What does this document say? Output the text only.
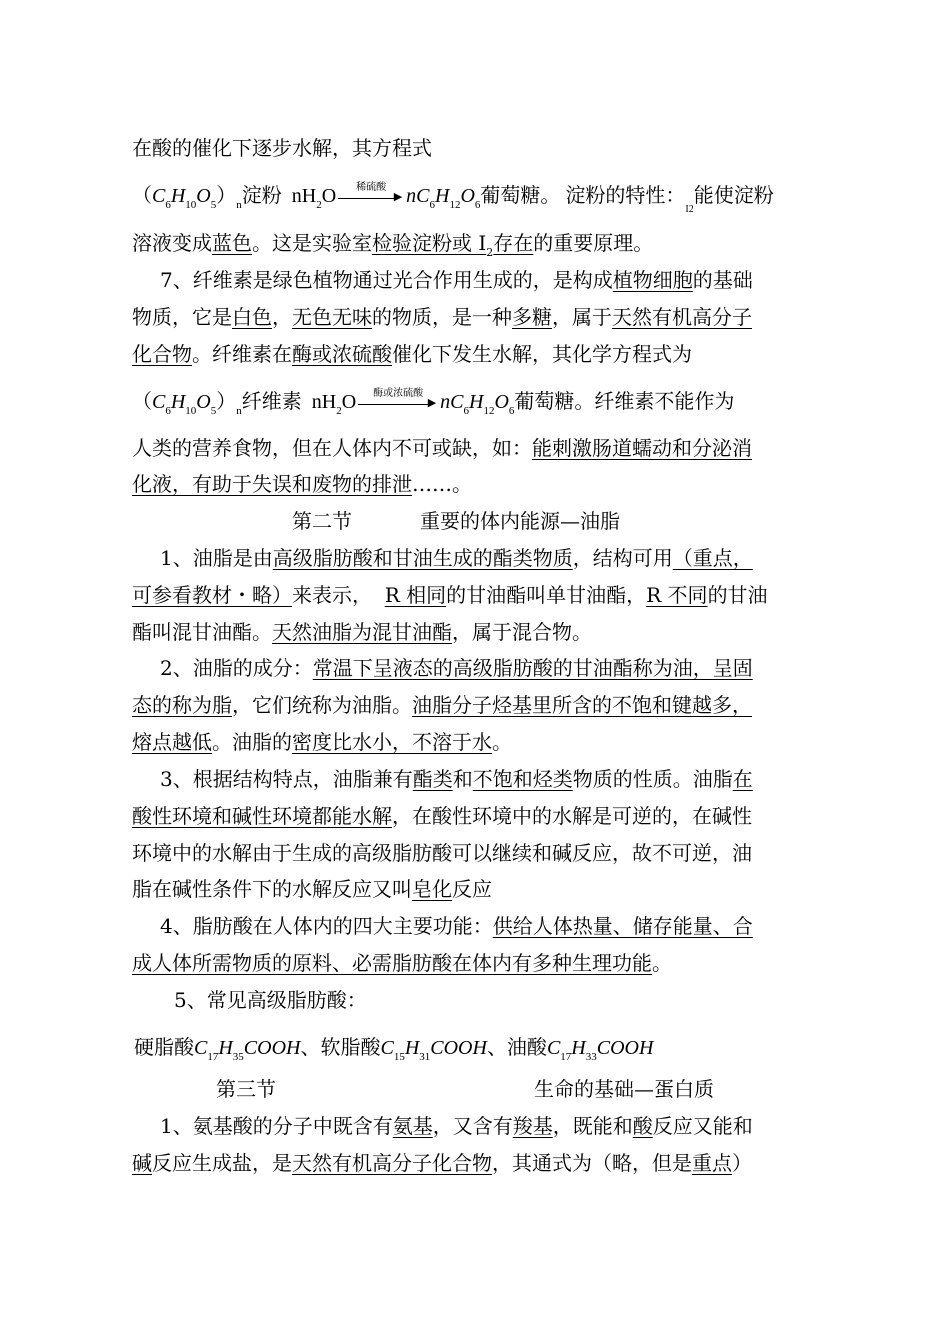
在酸的催化下逐步水解，其方程式
$(C_6H_{10}O_5)_n$淀粉 $nH_2O$	稀硫酸
▶ $nC_6H_{12}O_6$葡萄糖。 淀粉的特性：$_{I2}$能使淀粉
溶液变成蓝色。这是实验室检验淀粉或 $I_2$存在的重要原理。
7、纤维素是绿色植物通过光合作用生成的，是构成植物细胞的基础
物质，它是白色，无色无味的物质，是一种多糖，属于天然有机高分子
化合物。纤维素在酶或浓硫酸催化下发生水解，其化学方程式为
$(C_6H_{10}O_5)_n$纤维素 $nH_2O$	酶或浓硫酸
▶ $nC_6H_{12}O_6$葡萄糖。纤维素不能作为
人类的营养食物，但在人体内不可或缺，如：能刺激肠道蠕动和分泌消
化液，有助于失误和废物的排泄……。
第二节	重要的体内能源—油脂
1、油脂是由高级脂肪酸和甘油生成的酯类物质，结构可用（重点，
可参看教材・略）来表示， R 相同的甘油酯叫单甘油酯，R 不同的甘油
酯叫混甘油酯。天然油脂为混甘油酯，属于混合物。
2、油脂的成分：常温下呈液态的高级脂肪酸的甘油酯称为油，呈固
态的称为脂，它们统称为油脂。油脂分子烃基里所含的不饱和键越多，
熔点越低。油脂的密度比水小，不溶于水。
3、根据结构特点，油脂兼有酯类和不饱和烃类物质的性质。油脂在
酸性环境和碱性环境都能水解，在酸性环境中的水解是可逆的，在碱性
环境中的水解由于生成的高级脂肪酸可以继续和碱反应，故不可逆，油
脂在碱性条件下的水解反应又叫皂化反应
4、脂肪酸在人体内的四大主要功能：供给人体热量、储存能量、合
成人体所需物质的原料、必需脂肪酸在体内有多种生理功能。
5、常见高级脂肪酸：
硬脂酸$C_{17}H_{35}COOH$、软脂酸$C_{15}H_{31}COOH$、油酸$C_{17}H_{33}COOH$
第三节	生命的基础—蛋白质
1、氨基酸的分子中既含有氨基，又含有羧基，既能和酸反应又能和
碱反应生成盐，是天然有机高分子化合物，其通式为（略，但是重点）
